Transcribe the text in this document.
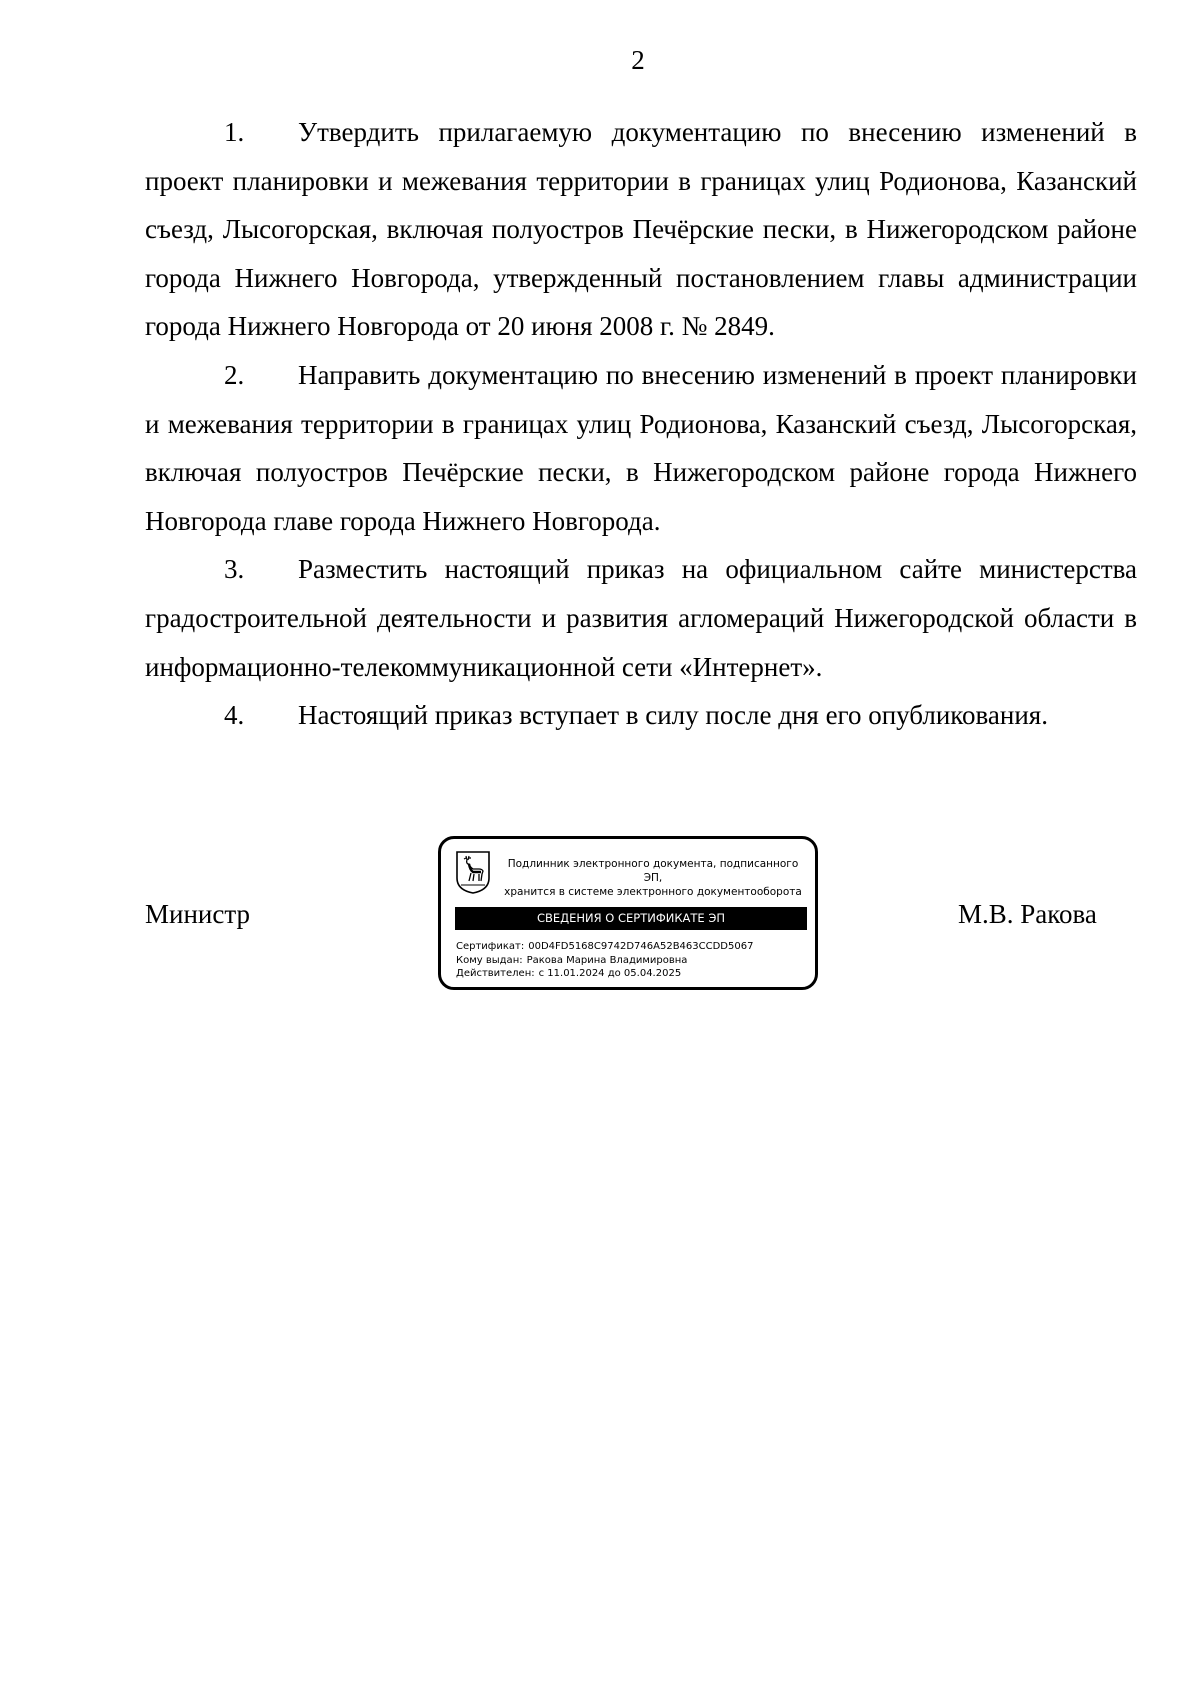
2

1. Утвердить прилагаемую документацию по внесению изменений в проект планировки и межевания территории в границах улиц Родионова, Казанский съезд, Лысогорская, включая полуостров Печёрские пески, в Нижегородском районе города Нижнего Новгорода, утвержденный постановлением главы администрации города Нижнего Новгорода от 20 июня 2008 г. № 2849.

2. Направить документацию по внесению изменений в проект планировки и межевания территории в границах улиц Родионова, Казанский съезд, Лысогорская, включая полуостров Печёрские пески, в Нижегородском районе города Нижнего Новгорода главе города Нижнего Новгорода.

3. Разместить настоящий приказ на официальном сайте министерства градостроительной деятельности и развития агломераций Нижегородской области в информационно-телекоммуникационной сети «Интернет».

4. Настоящий приказ вступает в силу после дня его опубликования.

Министр	М.В. Ракова
Подлинник электронного документа, подписанного ЭП,
хранится в системе электронного документооборота
СВЕДЕНИЯ О СЕРТИФИКАТЕ ЭП
Сертификат: 00D4FD5168C9742D746A52B463CCDD5067
Кому выдан: Ракова Марина Владимировна
Действителен: с 11.01.2024 до 05.04.2025
